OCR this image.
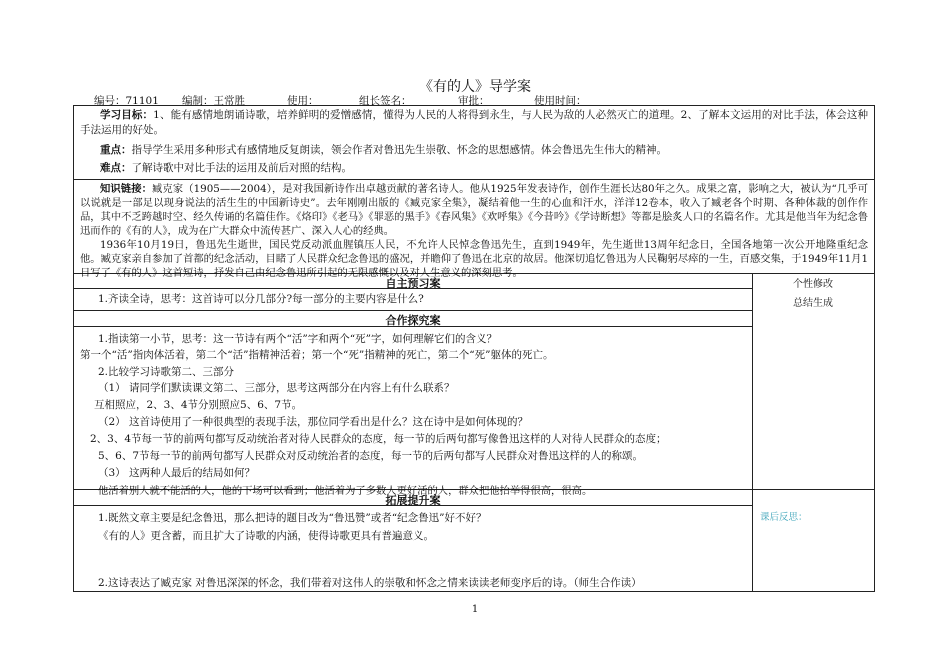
《有的人》导学案
编号：71101 编制：王常胜	使用：	组长签名：	审批：	使用时间：
学习目标：1、能有感情地朗诵诗歌，培养鲜明的爱憎感情，懂得为人民的人将得到永生，与人民为敌的人必然灭亡的道理。2、了解本文运用的对比手法，体会这种手法运用的好处。
重点：指导学生采用多种形式有感情地反复朗读，领会作者对鲁迅先生崇敬、怀念的思想感情。体会鲁迅先生伟大的精神。
难点：了解诗歌中对比手法的运用及前后对照的结构。
知识链接：臧克家（1905——2004），是对我国新诗作出卓越贡献的著名诗人。他从1925年发表诗作，创作生涯长达80年之久。成果之富，影响之大，被认为“几乎可以说就是一部足以现身说法的活生生的中国新诗史”。去年刚刚出版的《臧克家全集》，凝结着他一生的心血和汗水，洋洋12卷本，收入了臧老各个时期、各种体裁的创作作品，其中不乏跨越时空、经久传诵的名篇佳作。《烙印》《老马》《罪恶的黑手》《春风集》《欢呼集》《今昔吟》《学诗断想》等都是脍炙人口的名篇名作。尤其是他当年为纪念鲁迅而作的《有的人》，成为在广大群众中流传甚广、深入人心的经典。
1936年10月19日，鲁迅先生逝世，国民党反动派血腥镇压人民，不允许人民悼念鲁迅先生，直到1949年，先生逝世13周年纪念日，全国各地第一次公开地隆重纪念他。臧克家亲自参加了首都的纪念活动，目睹了人民群众纪念鲁迅的盛况，并瞻仰了鲁迅在北京的故居。他深切追忆鲁迅为人民鞠躬尽瘁的一生，百感交集，于1949年11月1日写了《有的人》这首短诗，抒发自己由纪念鲁迅所引起的无限感慨以及对人生意义的深刻思考。
自主预习案
1.齐读全诗，思考：这首诗可以分几部分?每一部分的主要内容是什么?
合作探究案
1.指读第一小节，思考：这一节诗有两个“活”字和两个“死”字，如何理解它们的含义？
第一个“活”指肉体活着，第二个“活”指精神活着；第一个“死”指精神的死亡，第二个“死”躯体的死亡。
2.比较学习诗歌第二、三部分
（1） 请同学们默读课文第二、三部分，思考这两部分在内容上有什么联系？
互相照应，2、3、4节分别照应5、6、7节。
（2） 这首诗使用了一种很典型的表现手法，那位同学看出是什么？这在诗中是如何体现的？
2、3、4节每一节的前两句都写反动统治者对待人民群众的态度，每一节的后两句都写像鲁迅这样的人对待人民群众的态度；
5、6、7节每一节的前两句都写人民群众对反动统治者的态度，每一节的后两句都写人民群众对鲁迅这样的人的称颂。
（3） 这两种人最后的结局如何？
他活着别人就不能活的人，他的下场可以看到；他活着为了多数人更好活的人，群众把他抬举得很高，很高。
拓展提升案
1.既然文章主要是纪念鲁迅，那么把诗的题目改为“鲁迅赞”或者“纪念鲁迅”好不好？
《有的人》更含蓄，而且扩大了诗歌的内涵，使得诗歌更具有普遍意义。
2.这诗表达了臧克家 对鲁迅深深的怀念，我们带着对这伟人的崇敬和怀念之情来读读老师变序后的诗。（师生合作读）
个性修改
总结生成
课后反思：
1
